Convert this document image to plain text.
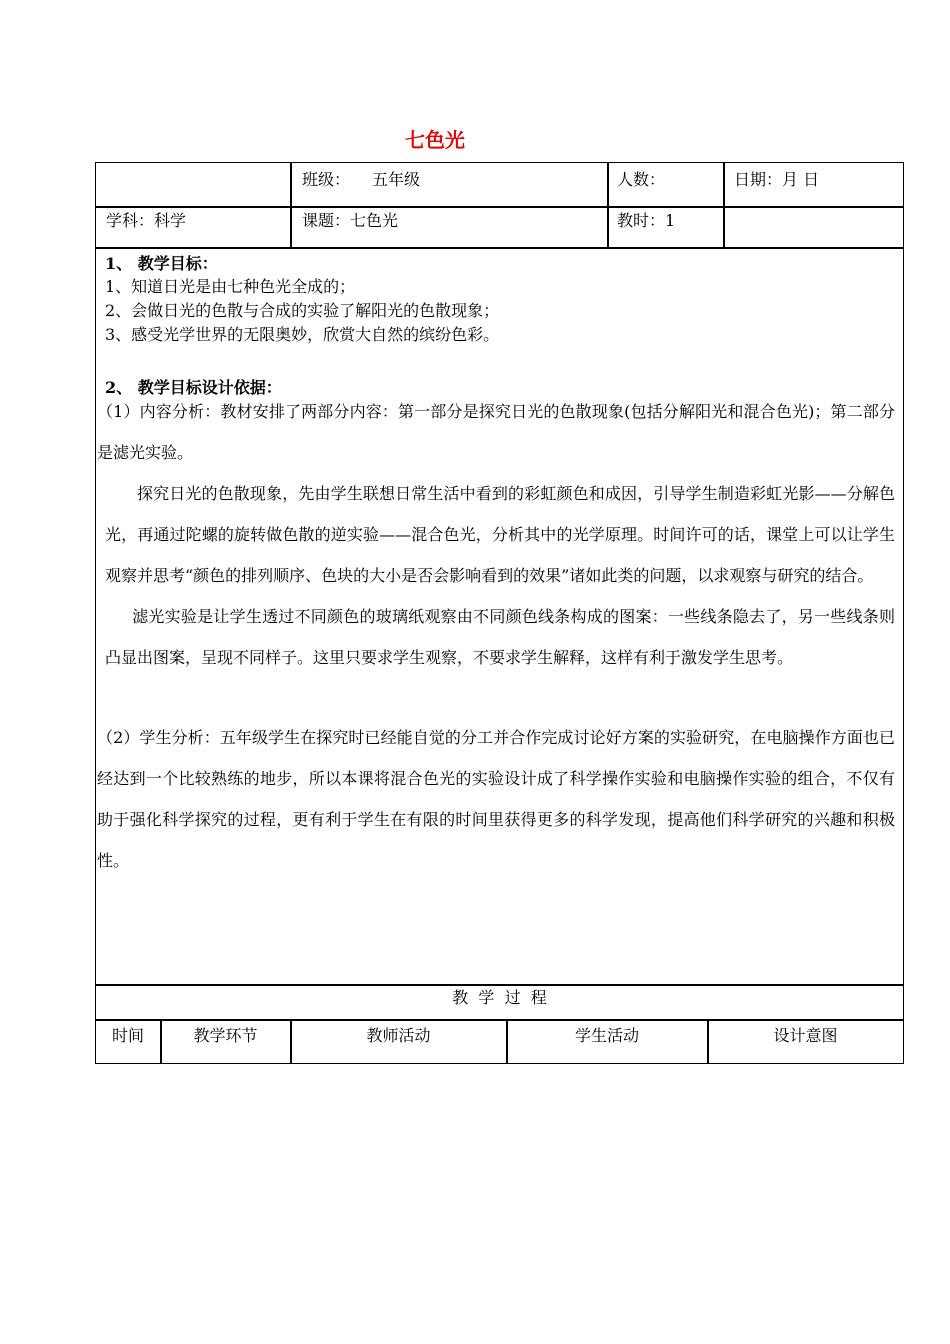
七色光
班级： 五年级	人数：	日期：月 日
学科：科学	课题：七色光	教时：1

1、 教学目标：

1、知道日光是由七种色光全成的；

2、会做日光的色散与合成的实验了解阳光的色散现象；

3、感受光学世界的无限奥妙，欣赏大自然的缤纷色彩。

2、 教学目标设计依据：

（1）内容分析：教材安排了两部分内容：第一部分是探究日光的色散现象(包括分解阳光和混合色光)；第二部分是滤光实验。

探究日光的色散现象，先由学生联想日常生活中看到的彩虹颜色和成因，引导学生制造彩虹光影——分解色光，再通过陀螺的旋转做色散的逆实验——混合色光，分析其中的光学原理。时间许可的话，课堂上可以让学生观察并思考“颜色的排列顺序、色块的大小是否会影响看到的效果”诸如此类的问题，以求观察与研究的结合。

滤光实验是让学生透过不同颜色的玻璃纸观察由不同颜色线条构成的图案：一些线条隐去了，另一些线条则凸显出图案，呈现不同样子。这里只要求学生观察，不要求学生解释，这样有利于激发学生思考。

（2）学生分析：五年级学生在探究时已经能自觉的分工并合作完成讨论好方案的实验研究，在电脑操作方面也已经达到一个比较熟练的地步，所以本课将混合色光的实验设计成了科学操作实验和电脑操作实验的组合，不仅有助于强化科学探究的过程，更有利于学生在有限的时间里获得更多的科学发现，提高他们科学研究的兴趣和积极性。

教  学  过  程
时间	教学环节	教师活动	学生活动	设计意图
